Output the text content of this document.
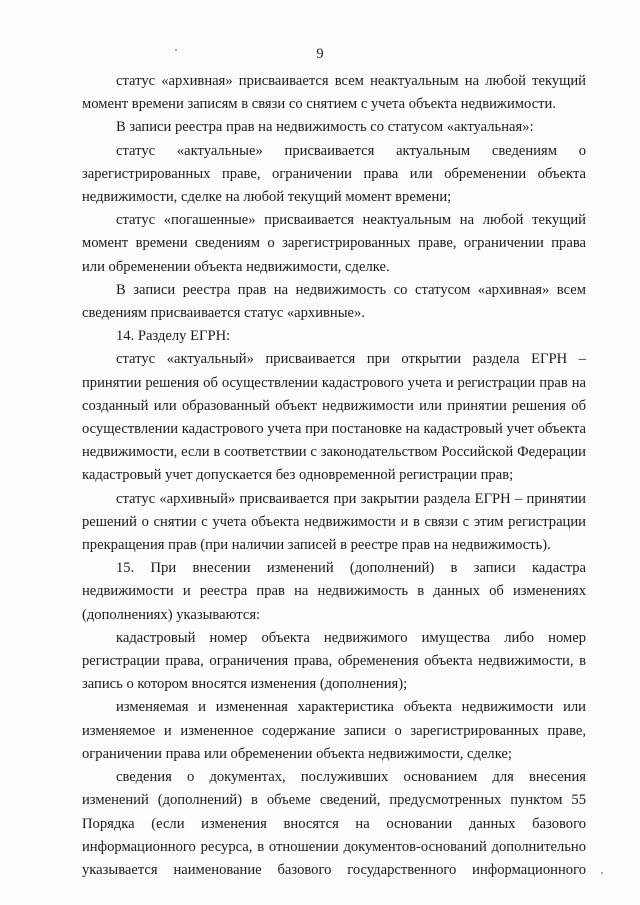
9

статус «архивная» присваивается всем неактуальным на любой текущий момент времени записям в связи со снятием с учета объекта недвижимости.

В записи реестра прав на недвижимость со статусом «актуальная»:

статус «актуальные» присваивается актуальным сведениям о зарегистрированных праве, ограничении права или обременении объекта недвижимости, сделке на любой текущий момент времени;

статус «погашенные» присваивается неактуальным на любой текущий момент времени сведениям о зарегистрированных праве, ограничении права или обременении объекта недвижимости, сделке.

В записи реестра прав на недвижимость со статусом «архивная» всем сведениям присваивается статус «архивные».

14. Разделу ЕГРН:

статус «актуальный» присваивается при открытии раздела ЕГРН – принятии решения об осуществлении кадастрового учета и регистрации прав на созданный или образованный объект недвижимости или принятии решения об осуществлении кадастрового учета при постановке на кадастровый учет объекта недвижимости, если в соответствии с законодательством Российской Федерации кадастровый учет допускается без одновременной регистрации прав;

статус «архивный» присваивается при закрытии раздела ЕГРН – принятии решений о снятии с учета объекта недвижимости и в связи с этим регистрации прекращения прав (при наличии записей в реестре прав на недвижимость).

15. При внесении изменений (дополнений) в записи кадастра недвижимости и реестра прав на недвижимость в данных об изменениях (дополнениях) указываются:

кадастровый номер объекта недвижимого имущества либо номер регистрации права, ограничения права, обременения объекта недвижимости, в запись о котором вносятся изменения (дополнения);

изменяемая и измененная характеристика объекта недвижимости или изменяемое и измененное содержание записи о зарегистрированных праве, ограничении права или обременении объекта недвижимости, сделке;

сведения о документах, послуживших основанием для внесения изменений (дополнений) в объеме сведений, предусмотренных пунктом 55 Порядка (если изменения вносятся на основании данных базового информационного ресурса, в отношении документов-оснований дополнительно указывается наименование базового государственного информационного
